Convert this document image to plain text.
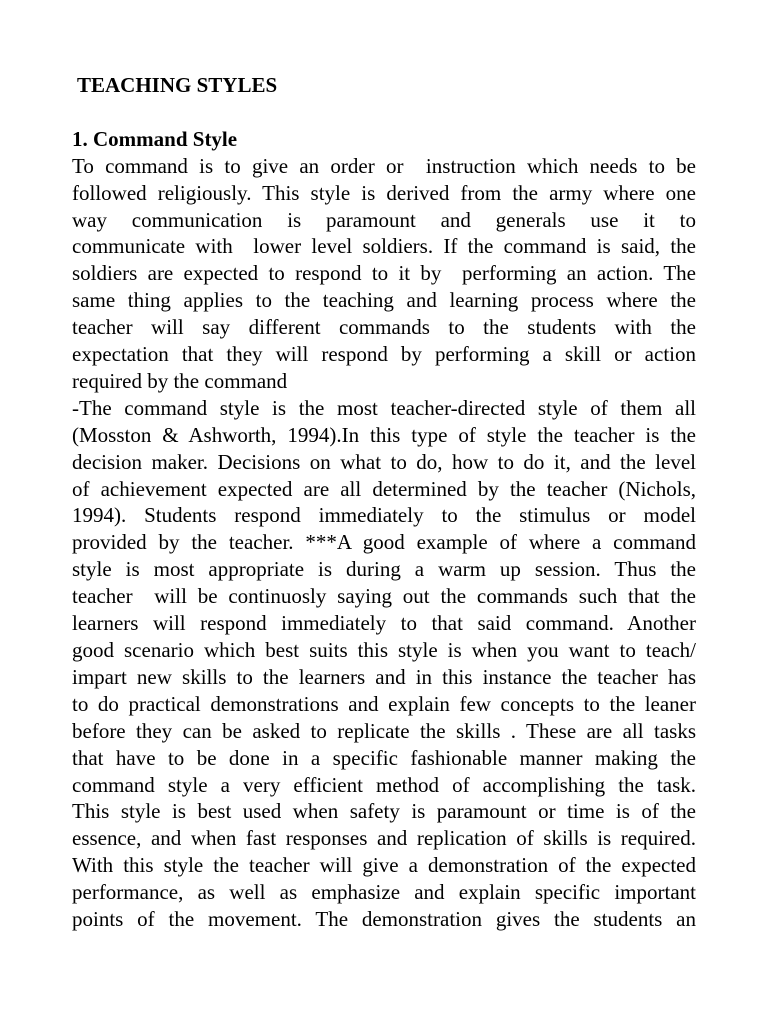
TEACHING STYLES
1. Command Style
To command is to give an order or  instruction which needs to be
followed religiously. This style is derived from the army where one
way communication is paramount and generals use it to
communicate with  lower level soldiers. If the command is said, the
soldiers are expected to respond to it by  performing an action. The
same thing applies to the teaching and learning process where the
teacher will say different commands to the students with the
expectation that they will respond by performing a skill or action
required by the command
-The command style is the most teacher-directed style of them all
(Mosston & Ashworth, 1994).In this type of style the teacher is the
decision maker. Decisions on what to do, how to do it, and the level
of achievement expected are all determined by the teacher (Nichols,
1994). Students respond immediately to the stimulus or model
provided by the teacher. ***A good example of where a command
style is most appropriate is during a warm up session. Thus the
teacher  will be continuosly saying out the commands such that the
learners will respond immediately to that said command. Another
good scenario which best suits this style is when you want to teach/
impart new skills to the learners and in this instance the teacher has
to do practical demonstrations and explain few concepts to the leaner
before they can be asked to replicate the skills . These are all tasks
that have to be done in a specific fashionable manner making the
command style a very efficient method of accomplishing the task.
This style is best used when safety is paramount or time is of the
essence, and when fast responses and replication of skills is required.
With this style the teacher will give a demonstration of the expected
performance, as well as emphasize and explain specific important
points of the movement. The demonstration gives the students an
